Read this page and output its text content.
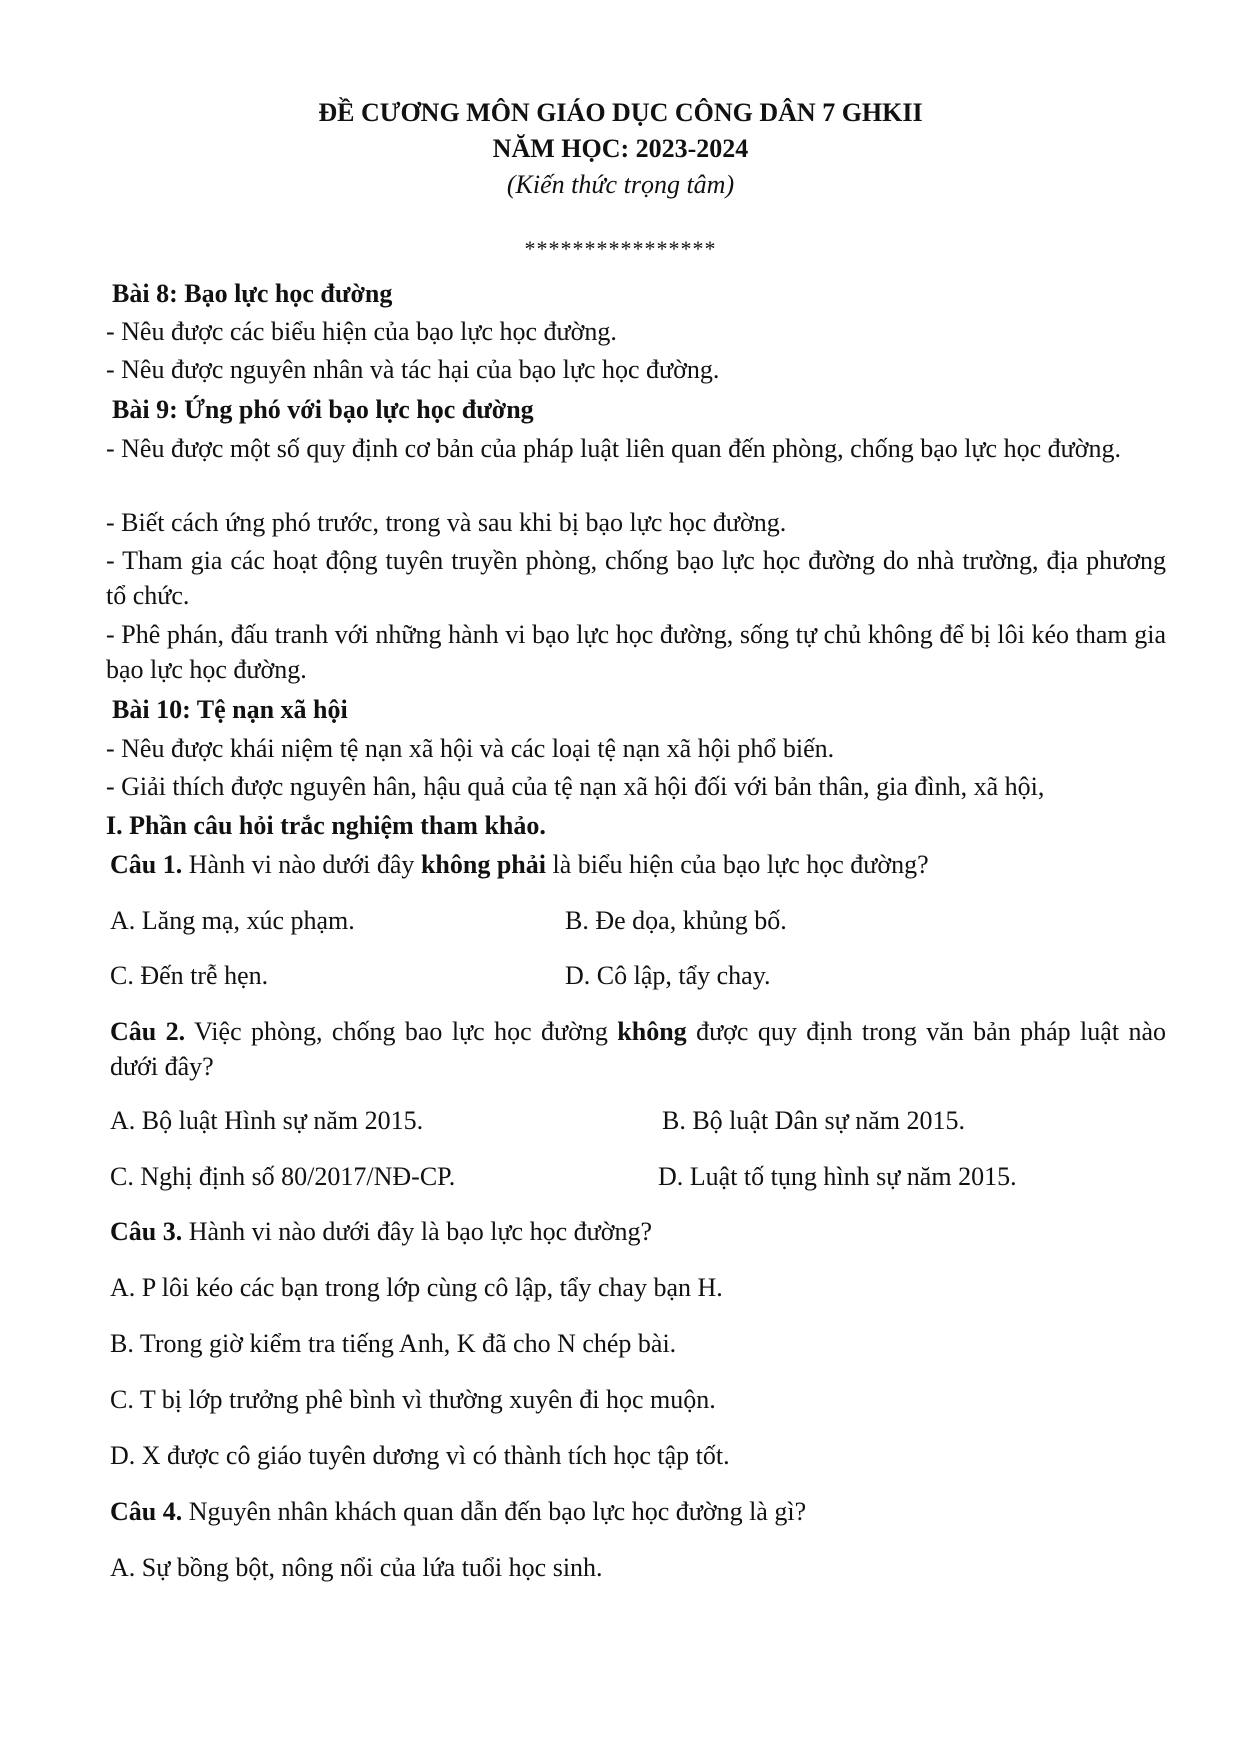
ĐỀ CƯƠNG MÔN GIÁO DỤC CÔNG DÂN 7 GHKII
NĂM HỌC: 2023-2024
(Kiến thức trọng tâm)
****************
Bài 8: Bạo lực học đường
- Nêu được các biểu hiện của bạo lực học đường.
- Nêu được nguyên nhân và tác hại của bạo lực học đường.
Bài 9: Ứng phó với bạo lực học đường
- Nêu được một số quy định cơ bản của pháp luật liên quan đến phòng, chống bạo lực học đường.
- Biết cách ứng phó trước, trong và sau khi bị bạo lực học đường.
- Tham gia các hoạt động tuyên truyền phòng, chống bạo lực học đường do nhà trường, địa phương tổ chức.
- Phê phán, đấu tranh với những hành vi bạo lực học đường, sống tự chủ không để bị lôi kéo tham gia bạo lực học đường.
Bài 10: Tệ nạn xã hội
- Nêu được khái niệm tệ nạn xã hội và các loại tệ nạn xã hội phổ biến.
- Giải thích được nguyên hân, hậu quả của tệ nạn xã hội đối với bản thân, gia đình, xã hội,
I. Phần câu hỏi trắc nghiệm tham khảo.
Câu 1. Hành vi nào dưới đây không phải là biểu hiện của bạo lực học đường?
A. Lăng mạ, xúc phạm.	B. Đe dọa, khủng bố.
C. Đến trễ hẹn.	D. Cô lập, tẩy chay.
Câu 2. Việc phòng, chống bao lực học đường không được quy định trong văn bản pháp luật nào dưới đây?
A. Bộ luật Hình sự năm 2015.	B. Bộ luật Dân sự năm 2015.
C. Nghị định số 80/2017/NĐ-CP.	D. Luật tố tụng hình sự năm 2015.
Câu 3. Hành vi nào dưới đây là bạo lực học đường?
A. P lôi kéo các bạn trong lớp cùng cô lập, tẩy chay bạn H.
B. Trong giờ kiểm tra tiếng Anh, K đã cho N chép bài.
C. T bị lớp trưởng phê bình vì thường xuyên đi học muộn.
D. X được cô giáo tuyên dương vì có thành tích học tập tốt.
Câu 4. Nguyên nhân khách quan dẫn đến bạo lực học đường là gì?
A. Sự bồng bột, nông nổi của lứa tuổi học sinh.
